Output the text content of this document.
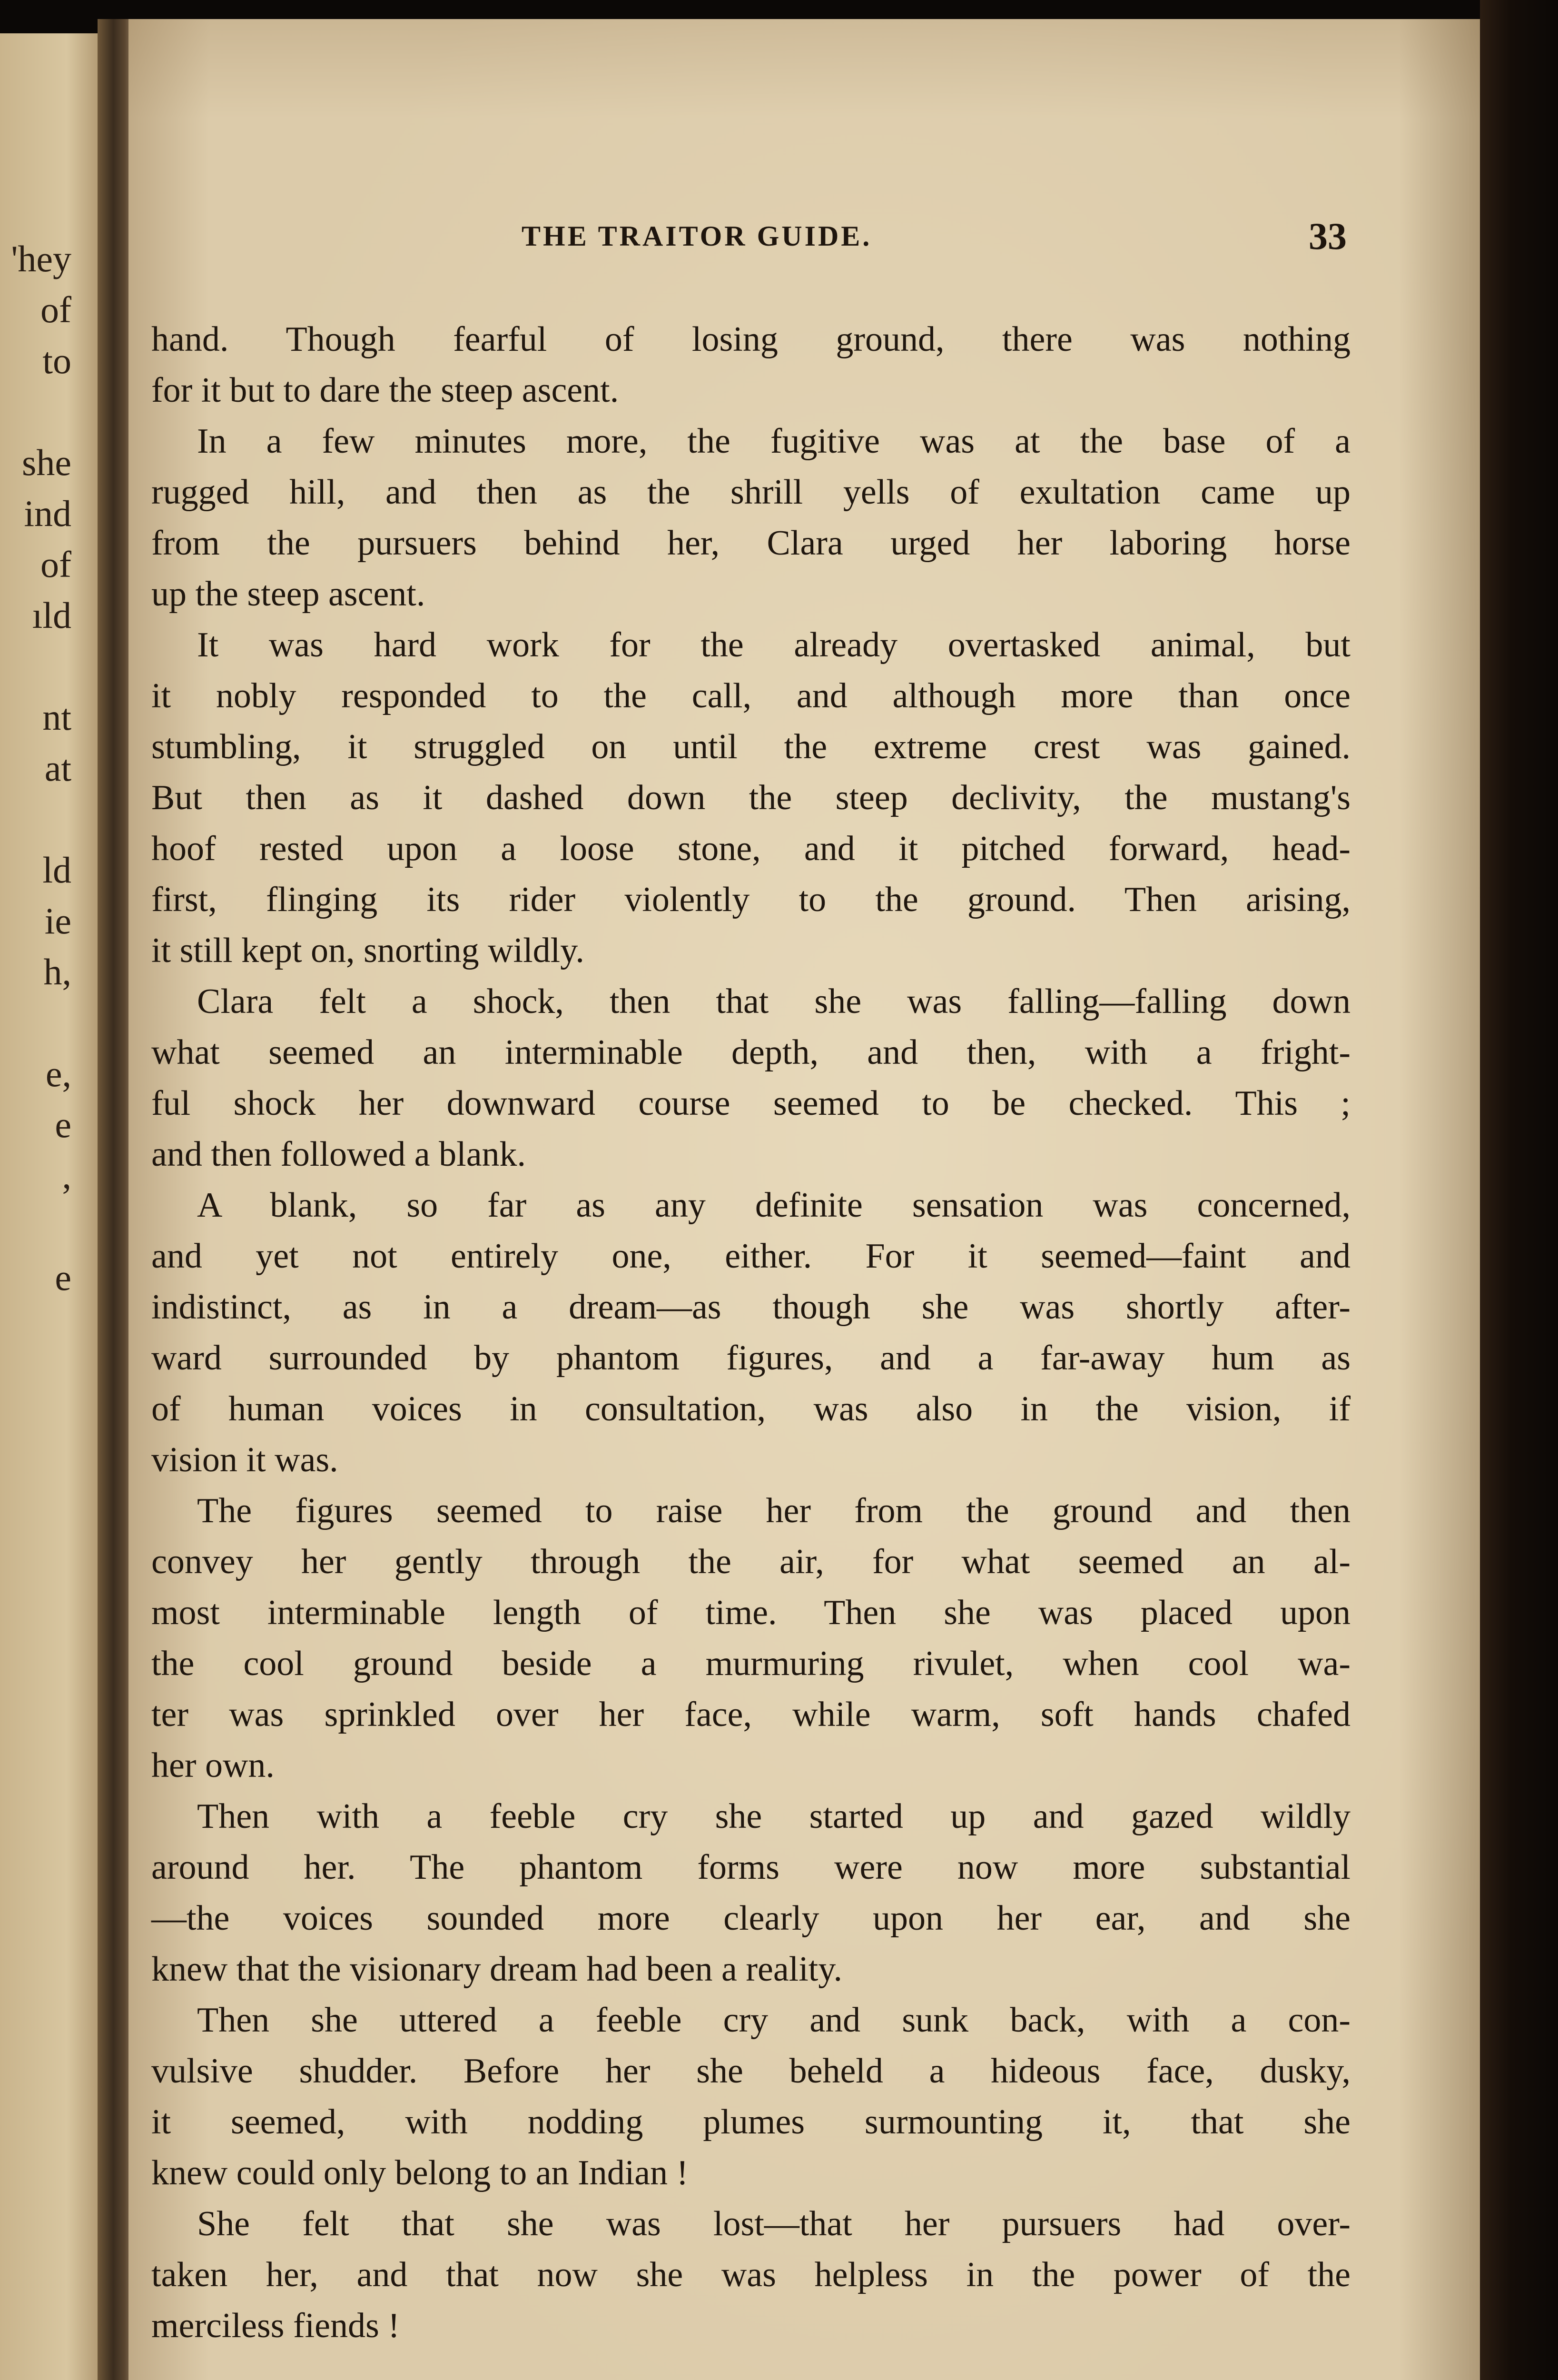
'hey
of
to
she
ind
of
ıld
nt
at
ld
ie
h,
e,
e
,
e
THE TRAITOR GUIDE.	33
hand. Though fearful of losing ground, there was nothing
for it but to dare the steep ascent.
In a few minutes more, the fugitive was at the base of a
rugged hill, and then as the shrill yells of exultation came up
from the pursuers behind her, Clara urged her laboring horse
up the steep ascent.
It was hard work for the already overtasked animal, but
it nobly responded to the call, and although more than once
stumbling, it struggled on until the extreme crest was gained.
But then as it dashed down the steep declivity, the mustang's
hoof rested upon a loose stone, and it pitched forward, head-
first, flinging its rider violently to the ground. Then arising,
it still kept on, snorting wildly.
Clara felt a shock, then that she was falling—falling down
what seemed an interminable depth, and then, with a fright-
ful shock her downward course seemed to be checked. This ;
and then followed a blank.
A blank, so far as any definite sensation was concerned,
and yet not entirely one, either. For it seemed—faint and
indistinct, as in a dream—as though she was shortly after-
ward surrounded by phantom figures, and a far-away hum as
of human voices in consultation, was also in the vision, if
vision it was.
The figures seemed to raise her from the ground and then
convey her gently through the air, for what seemed an al-
most interminable length of time. Then she was placed upon
the cool ground beside a murmuring rivulet, when cool wa-
ter was sprinkled over her face, while warm, soft hands chafed
her own.
Then with a feeble cry she started up and gazed wildly
around her. The phantom forms were now more substantial
—the voices sounded more clearly upon her ear, and she
knew that the visionary dream had been a reality.
Then she uttered a feeble cry and sunk back, with a con-
vulsive shudder. Before her she beheld a hideous face, dusky,
it seemed, with nodding plumes surmounting it, that she
knew could only belong to an Indian !
She felt that she was lost—that her pursuers had over-
taken her, and that now she was helpless in the power of the
merciless fiends !
